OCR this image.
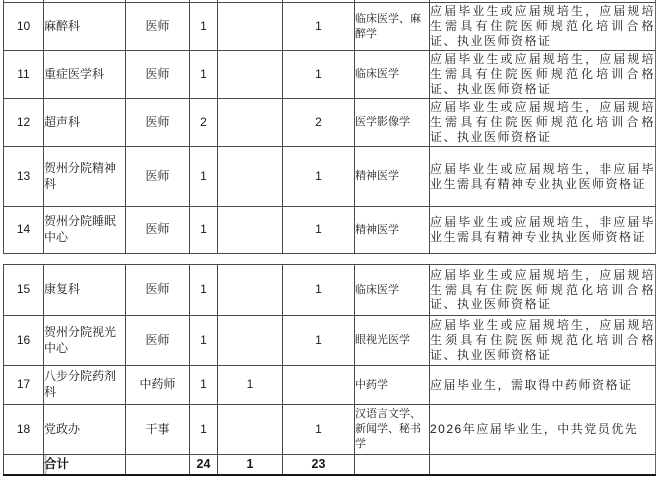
10	麻醉科	医师	1		1	临床医学、麻醉学	应届毕业生或应届规培生，应届规培生需具有住院医师规范化培训合格证、执业医师资格证
11	重症医学科	医师	1		1	临床医学	应届毕业生或应届规培生，应届规培生需具有住院医师规范化培训合格证、执业医师资格证
12	超声科	医师	2		2	医学影像学	应届毕业生或应届规培生，应届规培生需具有住院医师规范化培训合格证、执业医师资格证
13	贺州分院精神科	医师	1		1	精神医学	应届毕业生或应届规培生，非应届毕业生需具有精神专业执业医师资格证
14	贺州分院睡眠中心	医师	1		1	精神医学	应届毕业生或应届规培生，非应届毕业生需具有精神专业执业医师资格证
15	康复科	医师	1		1	临床医学	应届毕业生或应届规培生，应届规培生需具有住院医师规范化培训合格证、执业医师资格证
16	贺州分院视光中心	医师	1		1	眼视光医学	应届毕业生或应届规培生，应届规培生须具有住院医师规范化培训合格证、执业医师资格证
17	八步分院药剂科	中药师	1	1		中药学	应届毕业生，需取得中药师资格证
18	党政办	干事	1		1	汉语言文学、新闻学、秘书学	2026年应届毕业生，中共党员优先
	合计		24	1	23		
